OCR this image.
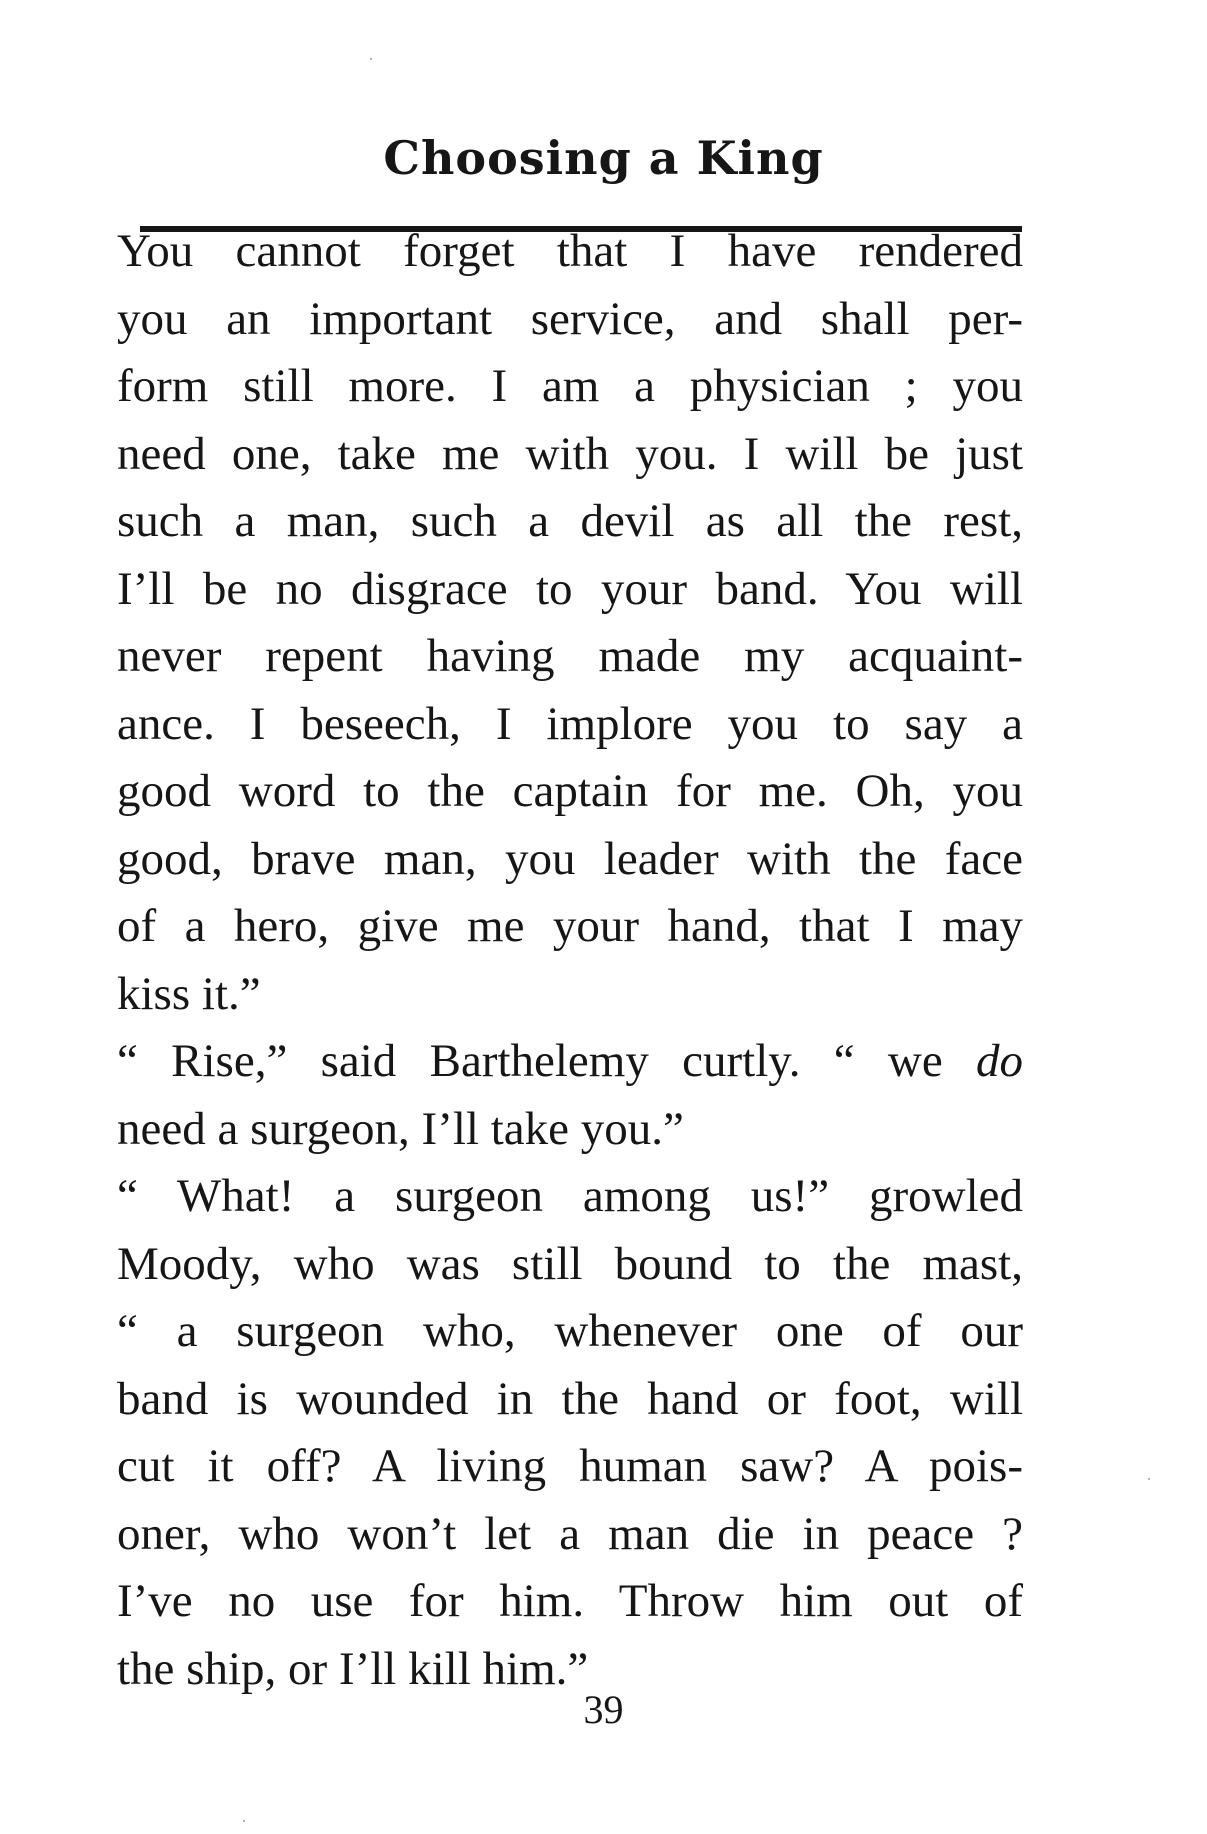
Choosing a King
You cannot forget that I have rendered
you an important service, and shall per-
form still more. I am a physician ; you
need one, take me with you. I will be just
such a man, such a devil as all the rest,
I’ll be no disgrace to your band. You will
never repent having made my acquaint-
ance. I beseech, I implore you to say a
good word to the captain for me. Oh, you
good, brave man, you leader with the face
of a hero, give me your hand, that I may
kiss it.”
“ Rise,” said Barthelemy curtly. “ we do
need a surgeon, I’ll take you.”
“ What! a surgeon among us!” growled
Moody, who was still bound to the mast,
“ a surgeon who, whenever one of our
band is wounded in the hand or foot, will
cut it off? A living human saw? A pois-
oner, who won’t let a man die in peace ?
I’ve no use for him. Throw him out of
the ship, or I’ll kill him.”
39
